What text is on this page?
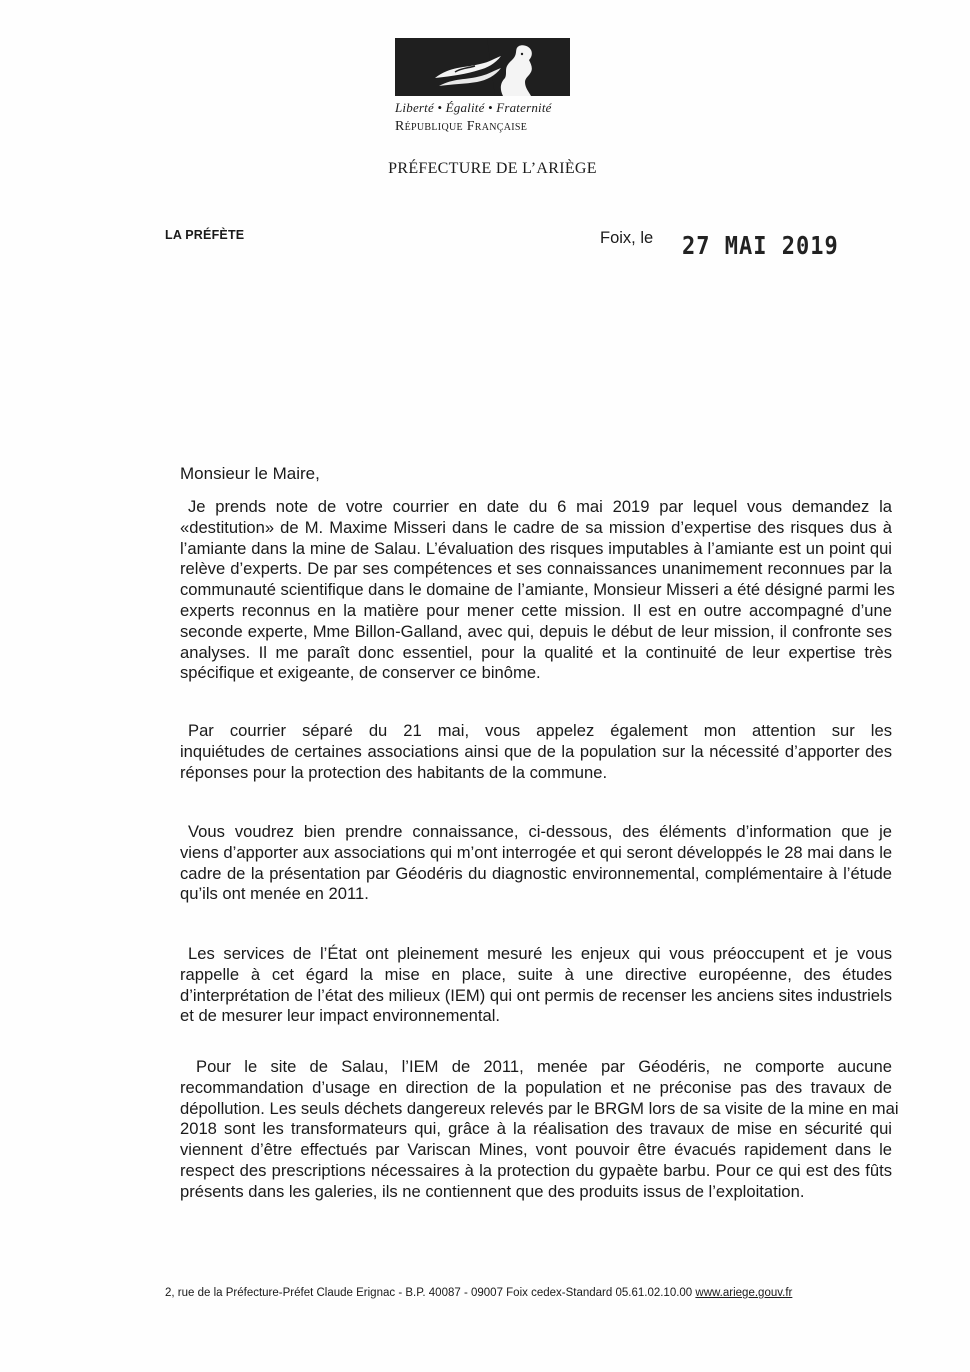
Liberté • Égalité • Fraternité
République Française
PRÉFECTURE DE L’ARIÈGE
LA PRÉFÈTE	Foix, le 27 MAI 2019
Monsieur le Maire,
Je prends note de votre courrier en date du 6 mai 2019 par lequel vous demandez la
«destitution» de M. Maxime Misseri dans le cadre de sa mission d’expertise des risques dus à
l’amiante dans la mine de Salau. L’évaluation des risques imputables à l’amiante est un point qui
relève d’experts. De par ses compétences et ses connaissances unanimement reconnues par la
communauté scientifique dans le domaine de l’amiante, Monsieur Misseri a été désigné parmi les
experts reconnus en la matière pour mener cette mission. Il est en outre accompagné d’une
seconde experte, Mme Billon-Galland, avec qui, depuis le début de leur mission, il confronte ses
analyses. Il me paraît donc essentiel, pour la qualité et la continuité de leur expertise très
spécifique et exigeante, de conserver ce binôme.
Par courrier séparé du 21 mai, vous appelez également mon attention sur les
inquiétudes de certaines associations ainsi que de la population sur la nécessité d’apporter des
réponses pour la protection des habitants de la commune.
Vous voudrez bien prendre connaissance, ci-dessous, des éléments d’information que je
viens d’apporter aux associations qui m’ont interrogée et qui seront développés le 28 mai dans le
cadre de la présentation par Géodéris du diagnostic environnemental, complémentaire à l’étude
qu’ils ont menée en 2011.
Les services de l’État ont pleinement mesuré les enjeux qui vous préoccupent et je vous
rappelle à cet égard la mise en place, suite à une directive européenne, des études
d’interprétation de l’état des milieux (IEM) qui ont permis de recenser les anciens sites industriels
et de mesurer leur impact environnemental.
Pour le site de Salau, l’IEM de 2011, menée par Géodéris, ne comporte aucune
recommandation d’usage en direction de la population et ne préconise pas des travaux de
dépollution. Les seuls déchets dangereux relevés par le BRGM lors de sa visite de la mine en mai
2018 sont les transformateurs qui, grâce à la réalisation des travaux de mise en sécurité qui
viennent d’être effectués par Variscan Mines, vont pouvoir être évacués rapidement dans le
respect des prescriptions nécessaires à la protection du gypaète barbu. Pour ce qui est des fûts
présents dans les galeries, ils ne contiennent que des produits issus de l’exploitation.
2, rue de la Préfecture-Préfet Claude Erignac - B.P. 40087 - 09007 Foix cedex-Standard 05.61.02.10.00 www.ariege.gouv.fr
